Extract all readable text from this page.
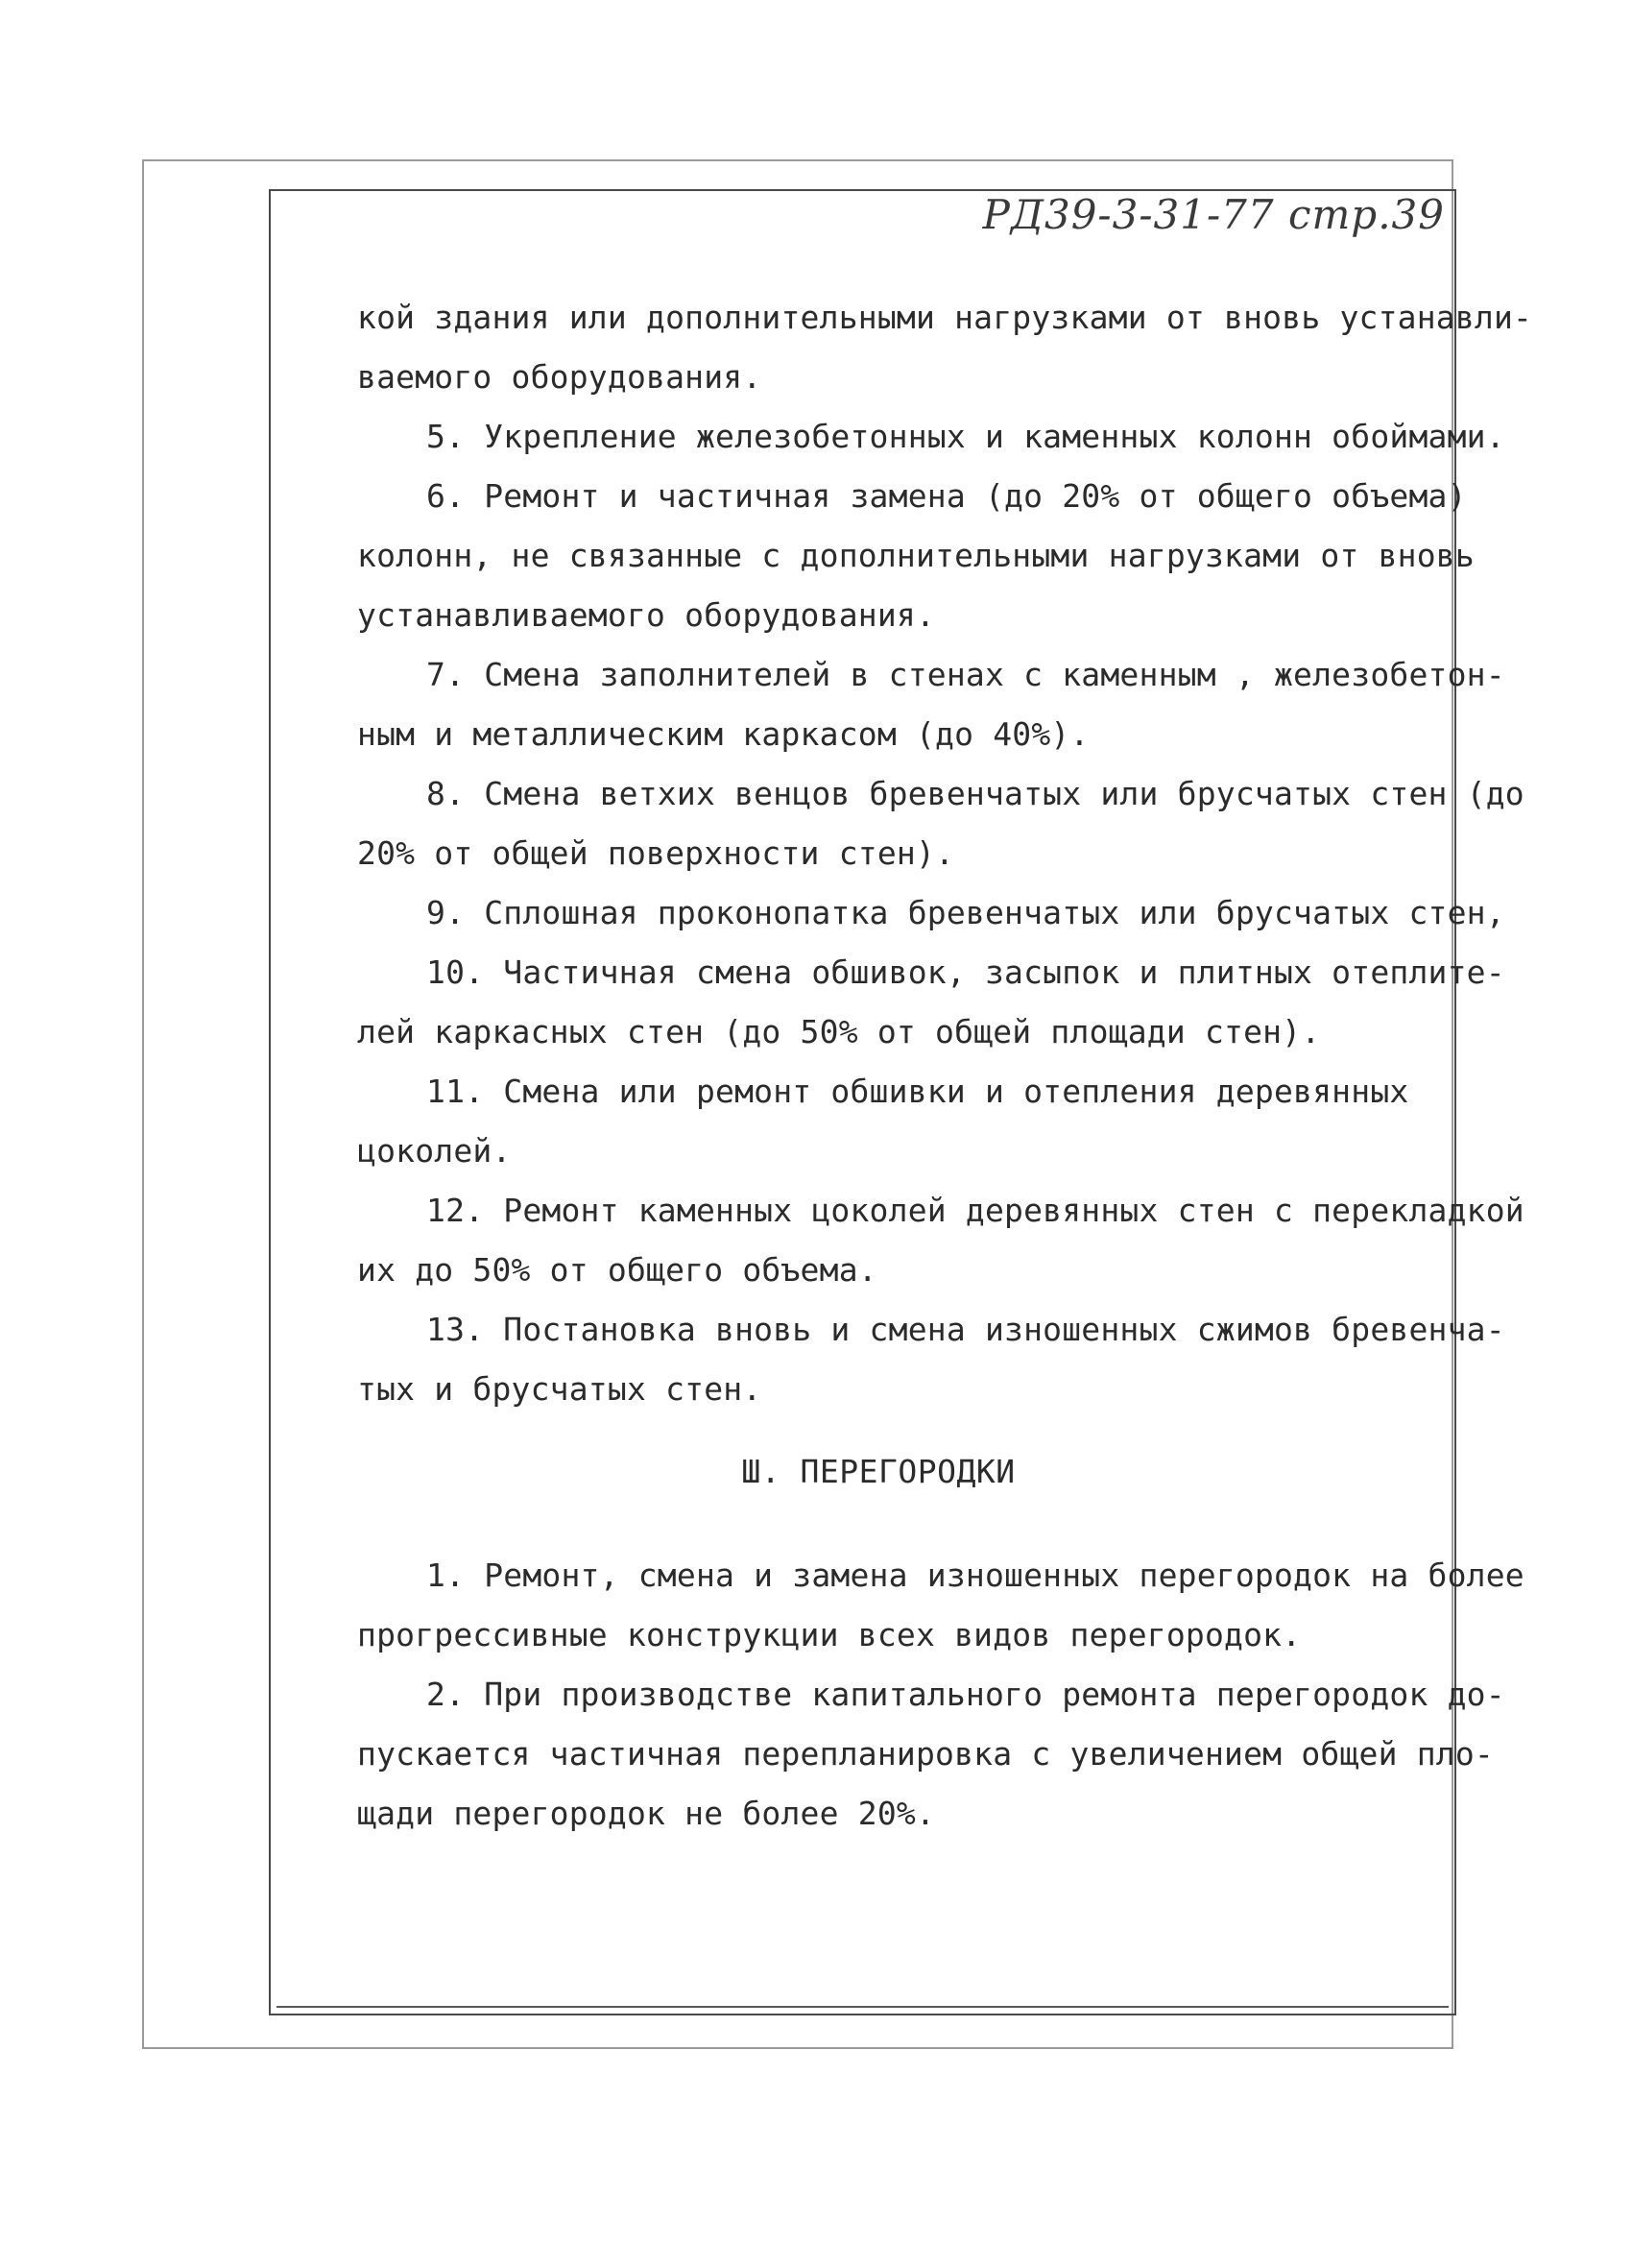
РД39-3-31-77 стр.39
кой здания или дополнительными нагрузками от вновь устанавли-
ваемого оборудования.
5. Укрепление железобетонных и каменных колонн обоймами.
6. Ремонт и частичная замена (до 20% от общего объема)
колонн, не связанные с дополнительными нагрузками от вновь
устанавливаемого оборудования.
7. Смена заполнителей в стенах с каменным , железобетон-
ным и металлическим каркасом (до 40%).
8. Смена ветхих венцов бревенчатых или брусчатых стен (до
20% от общей поверхности стен).
9. Сплошная проконопатка бревенчатых или брусчатых стен,
10. Частичная смена обшивок, засыпок и плитных отеплите-
лей каркасных стен (до 50% от общей площади стен).
11. Смена или ремонт обшивки и отепления деревянных
цоколей.
12. Ремонт каменных цоколей деревянных стен с перекладкой
их до 50% от общего объема.
13. Постановка вновь и смена изношенных сжимов бревенча-
тых и брусчатых стен.
Ш. ПЕРЕГОРОДКИ
1. Ремонт, смена и замена изношенных перегородок на более
прогрессивные конструкции всех видов перегородок.
2. При производстве капитального ремонта перегородок до-
пускается частичная перепланировка с увеличением общей пло-
щади перегородок не более 20%.
